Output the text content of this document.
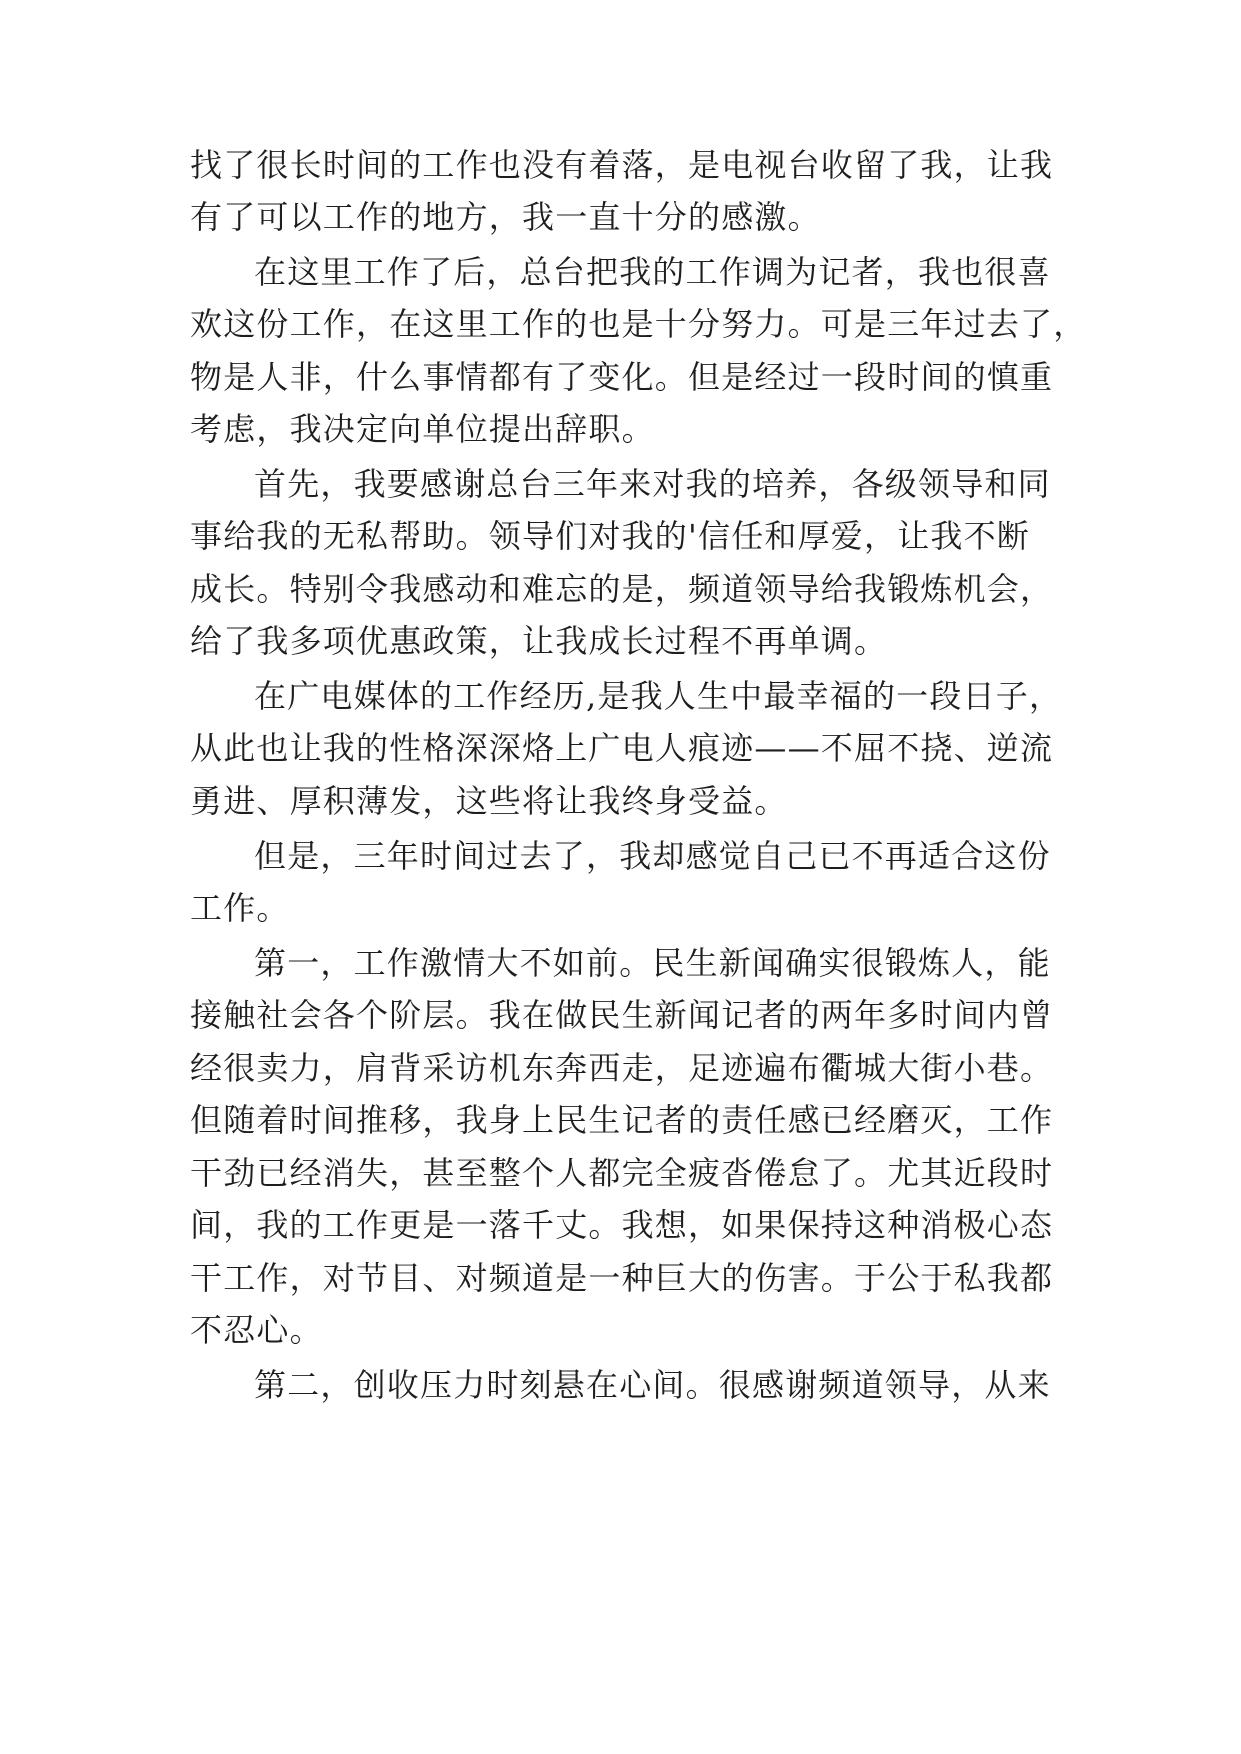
找了很长时间的工作也没有着落，是电视台收留了我，让我
有了可以工作的地方，我一直十分的感激。
在这里工作了后，总台把我的工作调为记者，我也很喜
欢这份工作，在这里工作的也是十分努力。可是三年过去了，
物是人非，什么事情都有了变化。但是经过一段时间的慎重
考虑，我决定向单位提出辞职。
首先，我要感谢总台三年来对我的培养，各级领导和同
事给我的无私帮助。领导们对我的'信任和厚爱，让我不断
成长。特别令我感动和难忘的是，频道领导给我锻炼机会，
给了我多项优惠政策，让我成长过程不再单调。
在广电媒体的工作经历,是我人生中最幸福的一段日子，
从此也让我的性格深深烙上广电人痕迹——不屈不挠、逆流
勇进、厚积薄发，这些将让我终身受益。
但是，三年时间过去了，我却感觉自己已不再适合这份
工作。
第一，工作激情大不如前。民生新闻确实很锻炼人，能
接触社会各个阶层。我在做民生新闻记者的两年多时间内曾
经很卖力，肩背采访机东奔西走，足迹遍布衢城大街小巷。
但随着时间推移，我身上民生记者的责任感已经磨灭，工作
干劲已经消失，甚至整个人都完全疲沓倦怠了。尤其近段时
间，我的工作更是一落千丈。我想，如果保持这种消极心态
干工作，对节目、对频道是一种巨大的伤害。于公于私我都
不忍心。
第二，创收压力时刻悬在心间。很感谢频道领导，从来
